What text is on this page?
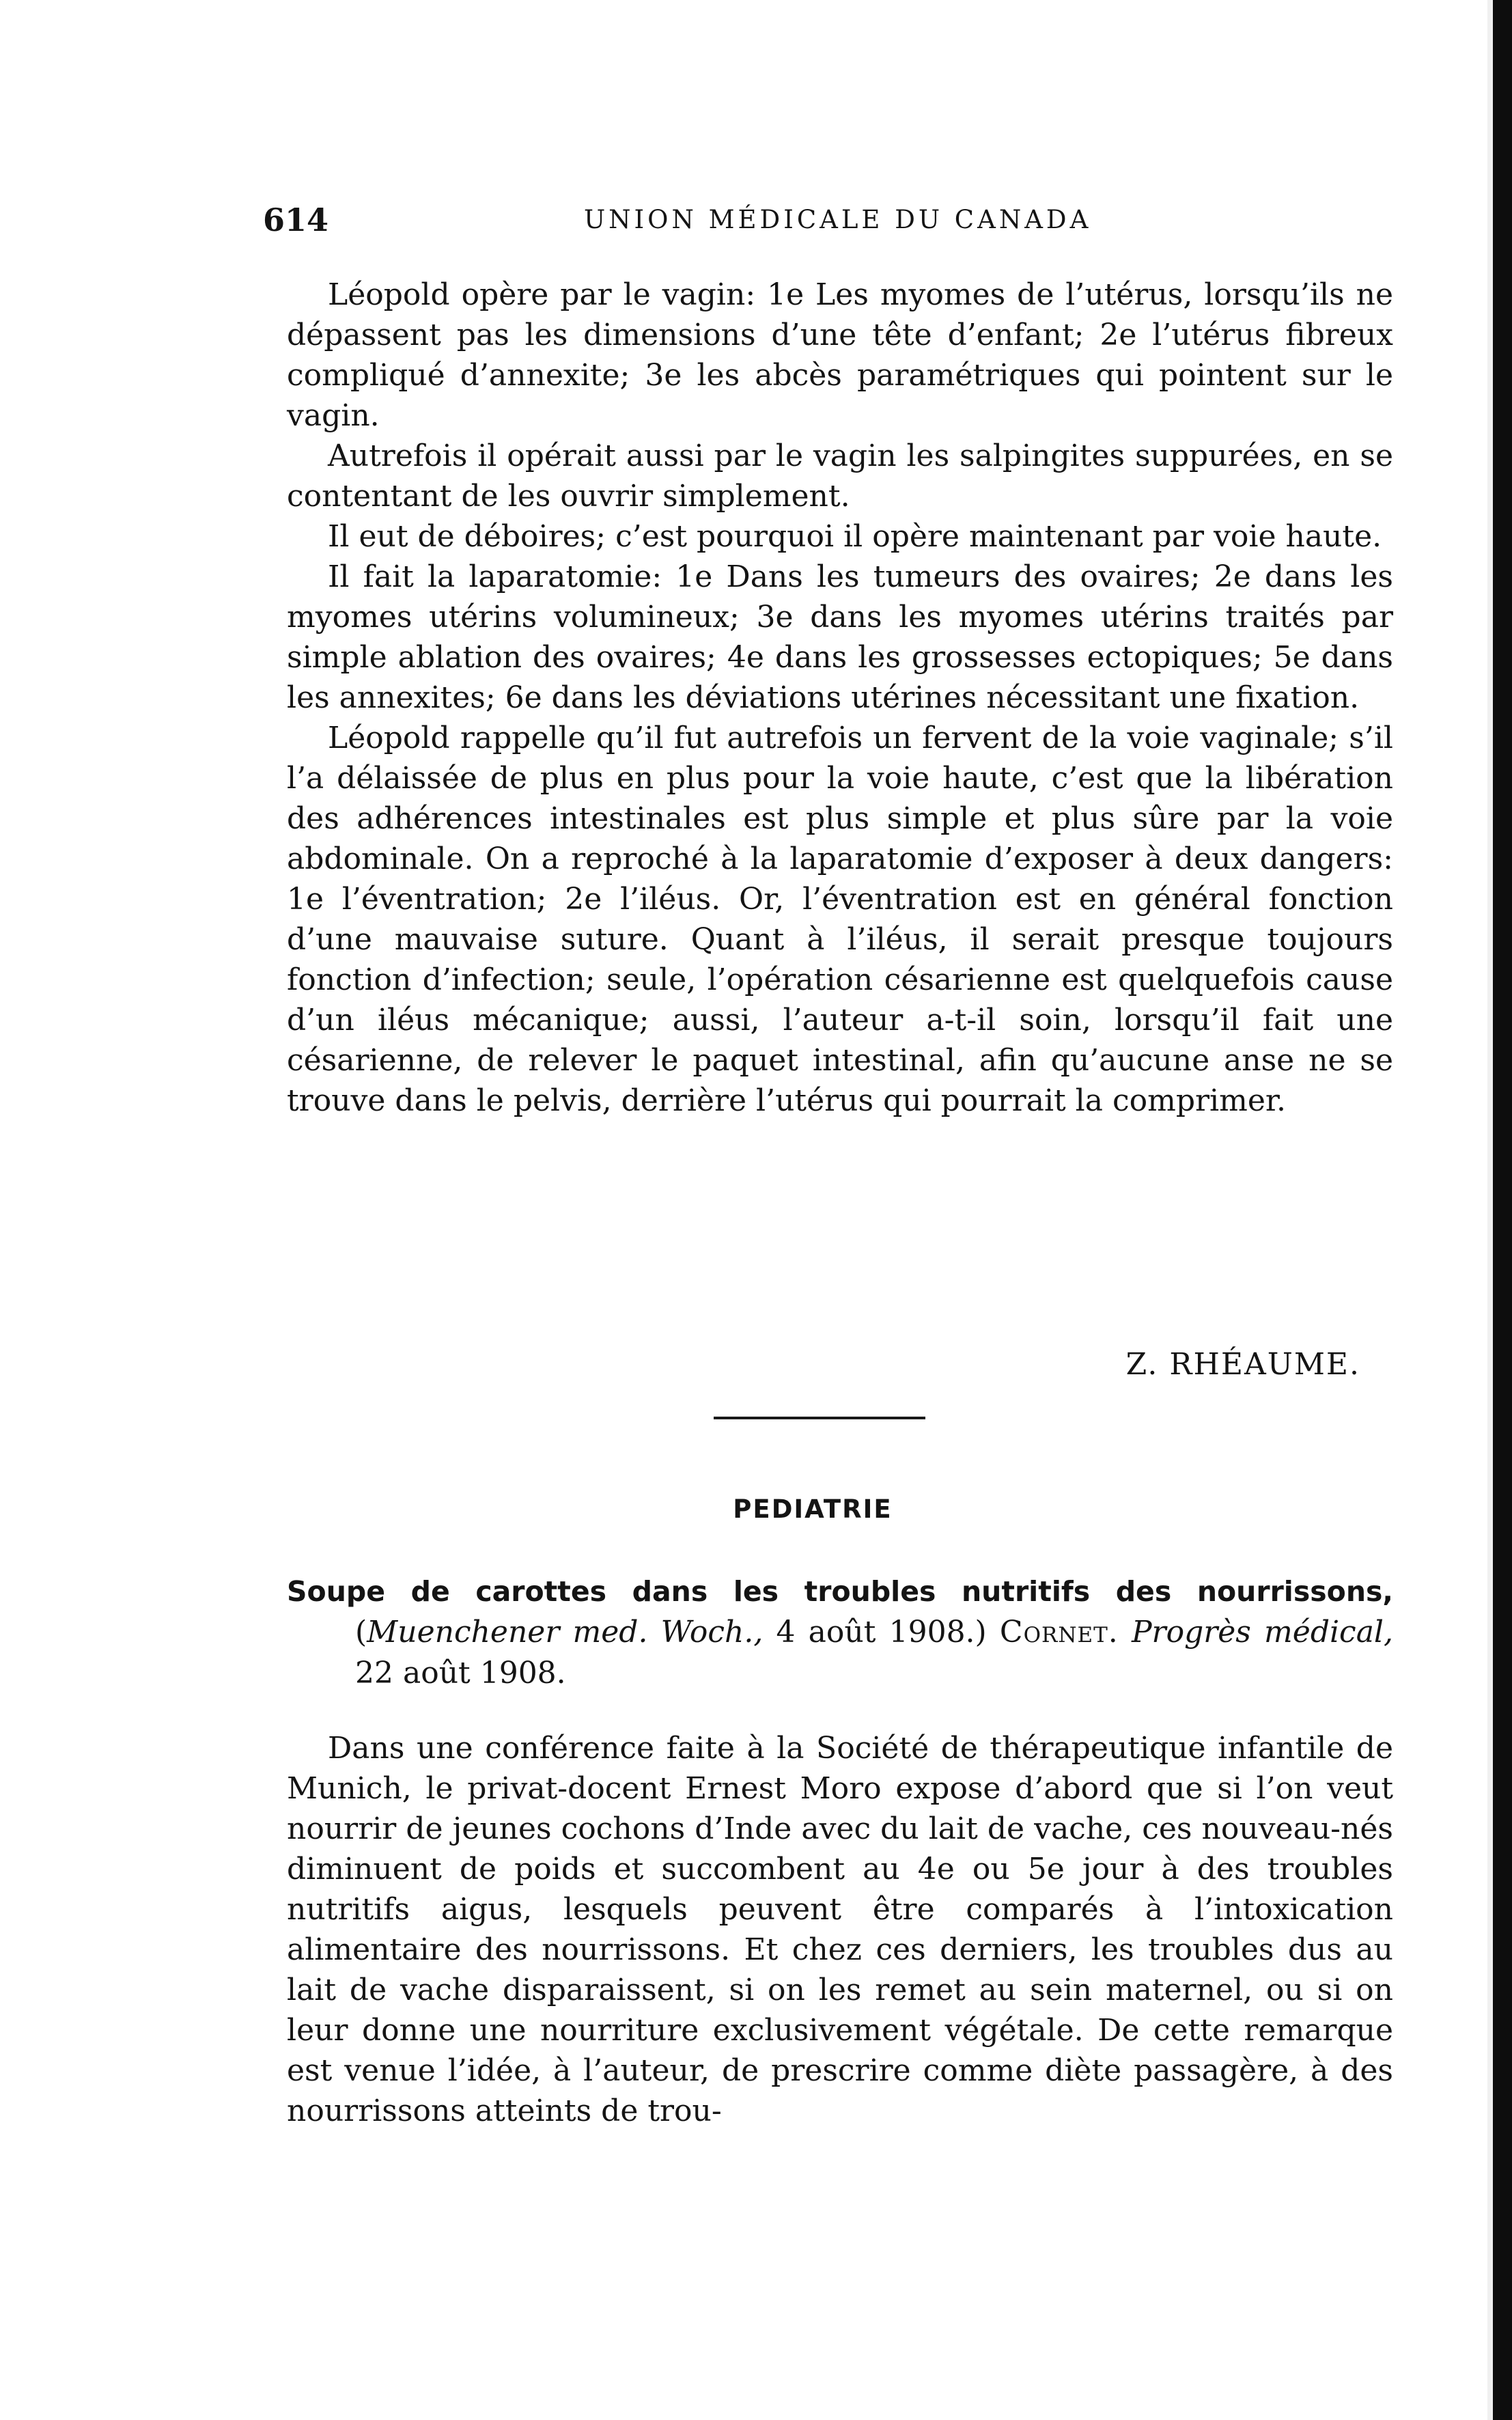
614	UNION MÉDICALE DU CANADA

Léopold opère par le vagin: 1e Les myomes de l’utérus, lorsqu’ils ne dépassent pas les dimensions d’une tête d’enfant; 2e l’utérus fibreux compliqué d’annexite; 3e les abcès paramétriques qui pointent sur le vagin.

Autrefois il opérait aussi par le vagin les salpingites suppurées, en se contentant de les ouvrir simplement.

Il eut de déboires; c’est pourquoi il opère maintenant par voie haute.

Il fait la laparatomie: 1e Dans les tumeurs des ovaires; 2e dans les myomes utérins volumineux; 3e dans les myomes utérins traités par simple ablation des ovaires; 4e dans les grossesses ectopiques; 5e dans les annexites; 6e dans les déviations utérines nécessitant une fixation.

Léopold rappelle qu’il fut autrefois un fervent de la voie vaginale; s’il l’a délaissée de plus en plus pour la voie haute, c’est que la libération des adhérences intestinales est plus simple et plus sûre par la voie abdominale. On a reproché à la laparatomie d’exposer à deux dangers: 1e l’éventration; 2e l’iléus. Or, l’éventration est en général fonction d’une mauvaise suture. Quant à l’iléus, il serait presque toujours fonction d’infection; seule, l’opération césarienne est quelquefois cause d’un iléus mécanique; aussi, l’auteur a-t-il soin, lorsqu’il fait une césarienne, de relever le paquet intestinal, afin qu’aucune anse ne se trouve dans le pelvis, derrière l’utérus qui pourrait la comprimer.

Z. RHÉAUME.
PEDIATRIE
Soupe de carottes dans les troubles nutritifs des nourrissons, (Muenchener med. Woch., 4 août 1908.) Cornet. Progrès médical, 22 août 1908.

Dans une conférence faite à la Société de thérapeutique infantile de Munich, le privat-docent Ernest Moro expose d’abord que si l’on veut nourrir de jeunes cochons d’Inde avec du lait de vache, ces nouveau-nés diminuent de poids et succombent au 4e ou 5e jour à des troubles nutritifs aigus, lesquels peuvent être comparés à l’intoxication alimentaire des nourrissons. Et chez ces derniers, les troubles dus au lait de vache disparaissent, si on les remet au sein maternel, ou si on leur donne une nourriture exclusivement végétale. De cette remarque est venue l’idée, à l’auteur, de prescrire comme diète passagère, à des nourrissons atteints de trou-
